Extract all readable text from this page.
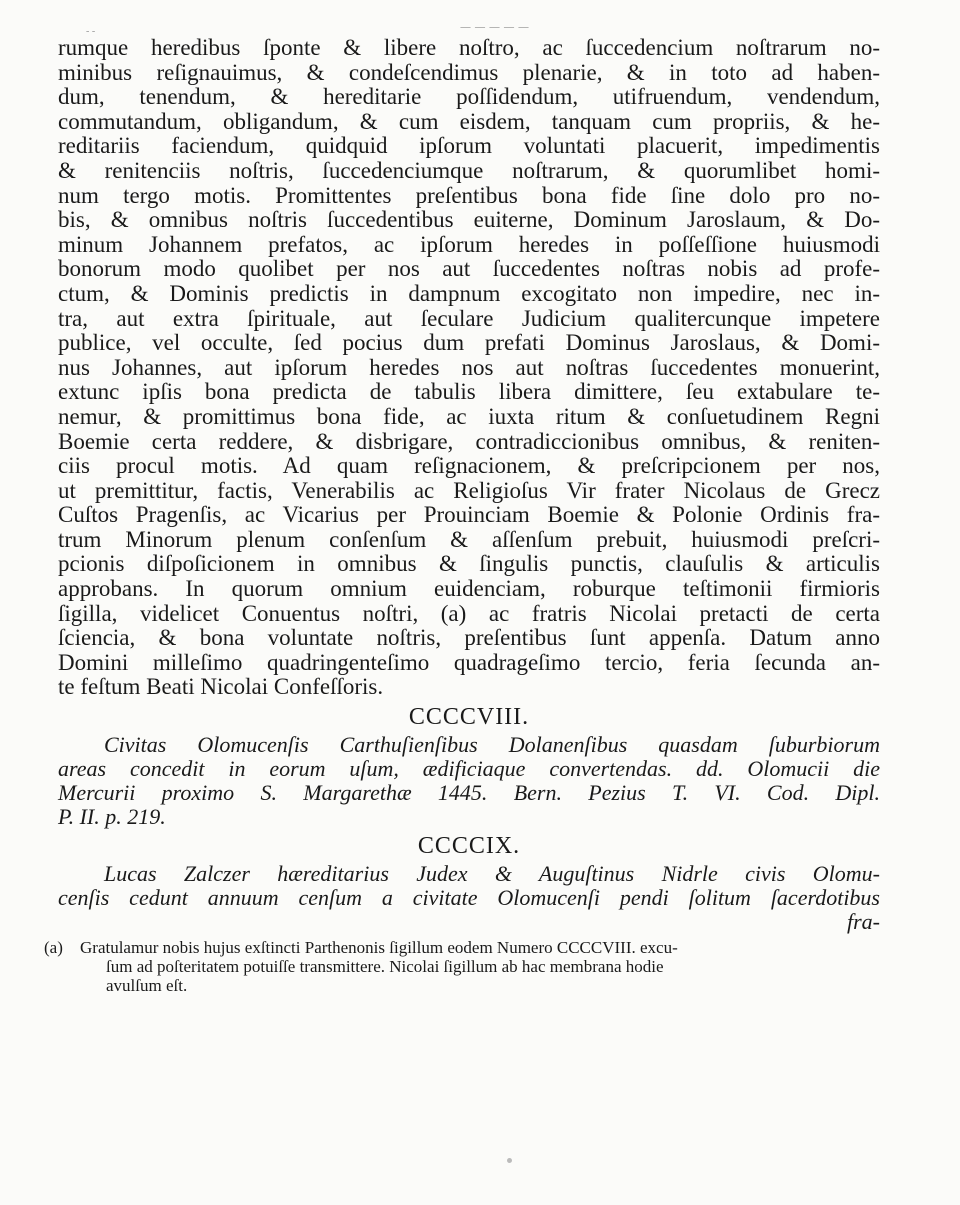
- -	— — — — —

rumque heredibus ſponte & libere noſtro, ac ſuccedencium noſtrarum no-

minibus reſignauimus, & condeſcendimus plenarie, & in toto ad haben-

dum, tenendum, & hereditarie poſſidendum, utifruendum, vendendum,

commutandum, obligandum, & cum eisdem, tanquam cum propriis, & he-

reditariis faciendum, quidquid ipſorum voluntati placuerit, impedimentis

& renitenciis noſtris, ſuccedenciumque noſtrarum, & quorumlibet homi-

num tergo motis. Promittentes preſentibus bona fide ſine dolo pro no-

bis, & omnibus noſtris ſuccedentibus euiterne, Dominum Jaroslaum, & Do-

minum Johannem prefatos, ac ipſorum heredes in poſſeſſione huiusmodi

bonorum modo quolibet per nos aut ſuccedentes noſtras nobis ad profe-

ctum, & Dominis predictis in dampnum excogitato non impedire, nec in-

tra, aut extra ſpirituale, aut ſeculare Judicium qualitercunque impetere

publice, vel occulte, ſed pocius dum prefati Dominus Jaroslaus, & Domi-

nus Johannes, aut ipſorum heredes nos aut noſtras ſuccedentes monuerint,

extunc ipſis bona predicta de tabulis libera dimittere, ſeu extabulare te-

nemur, & promittimus bona fide, ac iuxta ritum & conſuetudinem Regni

Boemie certa reddere, & disbrigare, contradiccionibus omnibus, & reniten-

ciis procul motis. Ad quam reſignacionem, & preſcripcionem per nos,

ut premittitur, factis, Venerabilis ac Religioſus Vir frater Nicolaus de Grecz

Cuſtos Pragenſis, ac Vicarius per Prouinciam Boemie & Polonie Ordinis fra-

trum Minorum plenum conſenſum & aſſenſum prebuit, huiusmodi preſcri-

pcionis diſpoſicionem in omnibus & ſingulis punctis, clauſulis & articulis

approbans. In quorum omnium euidenciam, roburque teſtimonii firmioris

ſigilla, videlicet Conuentus noſtri, (a) ac fratris Nicolai pretacti de certa

ſciencia, & bona voluntate noſtris, preſentibus ſunt appenſa. Datum anno

Domini milleſimo quadringenteſimo quadrageſimo tercio, feria ſecunda an-

te feſtum Beati Nicolai Confeſſoris.

CCCCVIII.

Civitas Olomucenſis Carthuſienſibus Dolanenſibus quasdam ſuburbiorum

areas concedit in eorum uſum, ædificiaque convertendas. dd. Olomucii die

Mercurii proximo S. Margarethæ 1445. Bern. Pezius T. VI. Cod. Dipl.

P. II. p. 219.

CCCCIX.

Lucas Zalczer hæreditarius Judex & Auguſtinus Nidrle civis Olomu-

cenſis cedunt annuum cenſum a civitate Olomucenſi pendi ſolitum ſacerdotibus

fra-

(a)	Gratulamur nobis hujus exſtincti Parthenonis ſigillum eodem Numero CCCCVIII. excu-

ſum ad poſteritatem potuiſſe transmittere. Nicolai ſigillum ab hac membrana hodie

avulſum eſt.
